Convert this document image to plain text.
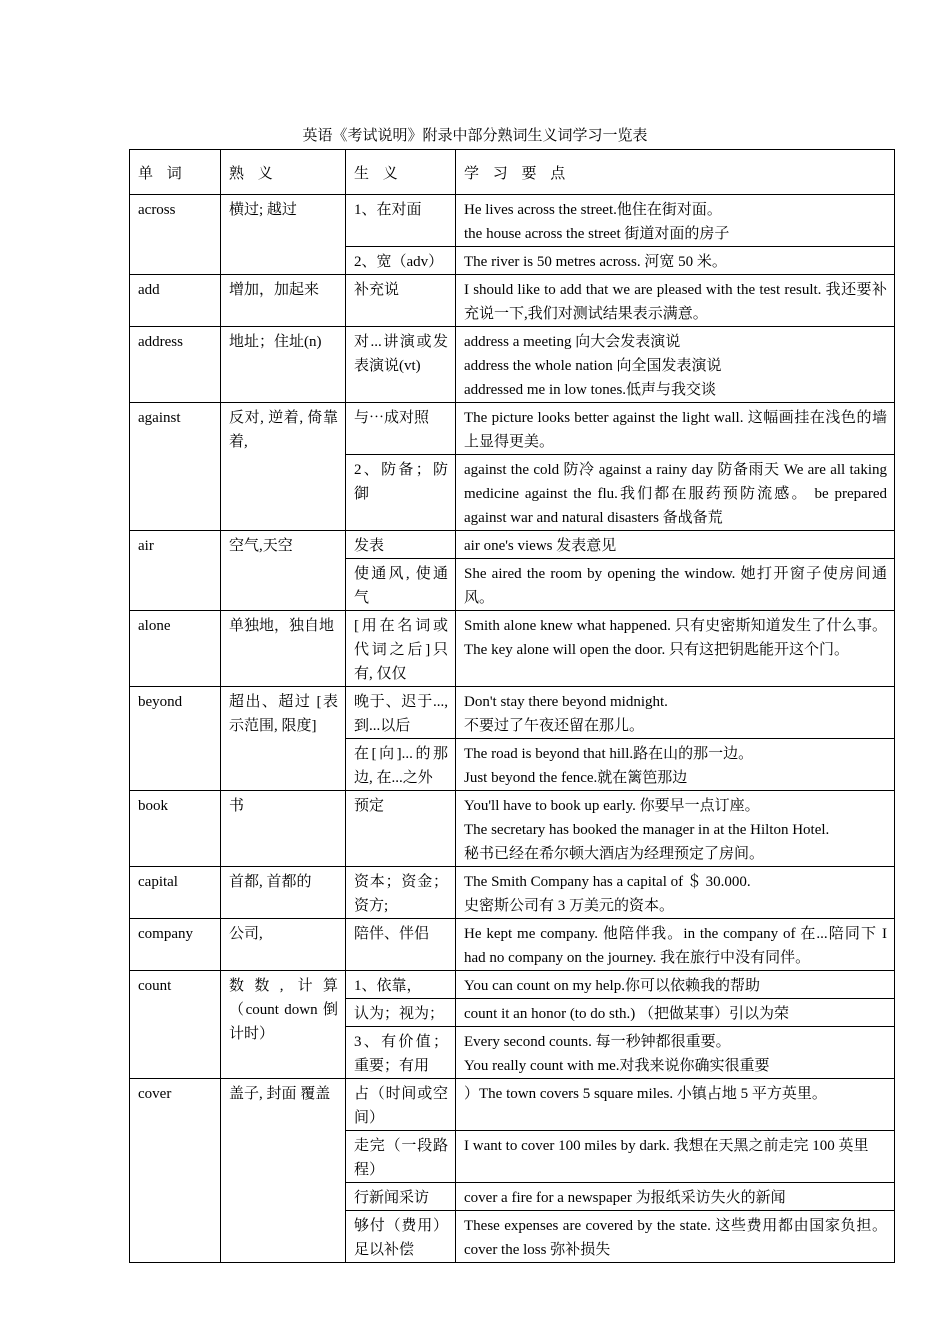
英语《考试说明》附录中部分熟词生义词学习一览表
单 词	熟 义	生 义	学 习 要 点
across	横过; 越过	1、在对面	He lives across the street.他住在街对面。
the house across the street 街道对面的房子

		2、宽（adv）	The river is 50 metres across. 河宽 50 米。

add	增加，加起来	补充说	I should like to add that we are pleased with the test result. 我还要补充说一下,我们对测试结果表示满意。

address	地址；住址(n)	对...讲演或发表演说(vt)	address a meeting 向大会发表演说
address the whole nation 向全国发表演说
addressed me in low tones.低声与我交谈

against	反对, 逆着, 倚靠着,	与⋯成对照	The picture looks better against the light wall. 这幅画挂在浅色的墙上显得更美。

		2、防备；防御	against the cold 防冷 against a rainy day 防备雨天 We are all taking medicine against the flu.我们都在服药预防流感。 be prepared against war and natural disasters 备战备荒

air	空气,天空	发表	air one's views 发表意见

		使通风, 使通气	She aired the room by opening the window. 她打开窗子使房间通风。

alone	单独地，独自地	[用在名词或代词之后]只有, 仅仅	Smith alone knew what happened. 只有史密斯知道发生了什么事。 The key alone will open the door. 只有这把钥匙能开这个门。

beyond	超出、超过 [表示范围, 限度]	晚于、迟于..., 到...以后	Don't stay there beyond midnight.
不要过了午夜还留在那儿。

		在[向]...的那边, 在...之外	The road is beyond that hill.路在山的那一边。
Just beyond the fence.就在篱笆那边

book	书	预定	You'll have to book up early. 你要早一点订座。
The secretary has booked the manager in at the Hilton Hotel.
秘书已经在希尔顿大酒店为经理预定了房间。

capital	首都, 首都的	资本；资金；资方;	The Smith Company has a capital of ＄ 30.000.
史密斯公司有 3 万美元的资本。

company	公司,	陪伴、伴侣	He kept me company. 他陪伴我。in the company of 在...陪同下 I had no company on the journey. 我在旅行中没有同伴。

count	数数, 计算（count down 倒计时）	1、依靠，	You can count on my help.你可以依赖我的帮助

		认为；视为；	count it an honor (to do sth.) （把做某事）引以为荣

		3、有价值；重要；有用	Every second counts. 每一秒钟都很重要。
You really count with me.对我来说你确实很重要

cover	盖子, 封面 覆盖	占（时间或空间）	）The town covers 5 square miles. 小镇占地 5 平方英里。

		走完（一段路程）	I want to cover 100 miles by dark. 我想在天黑之前走完 100 英里

		行新闻采访	cover a fire for a newspaper 为报纸采访失火的新闻

		够付（费用）足以补偿	These expenses are covered by the state. 这些费用都由国家负担。cover the loss 弥补损失
